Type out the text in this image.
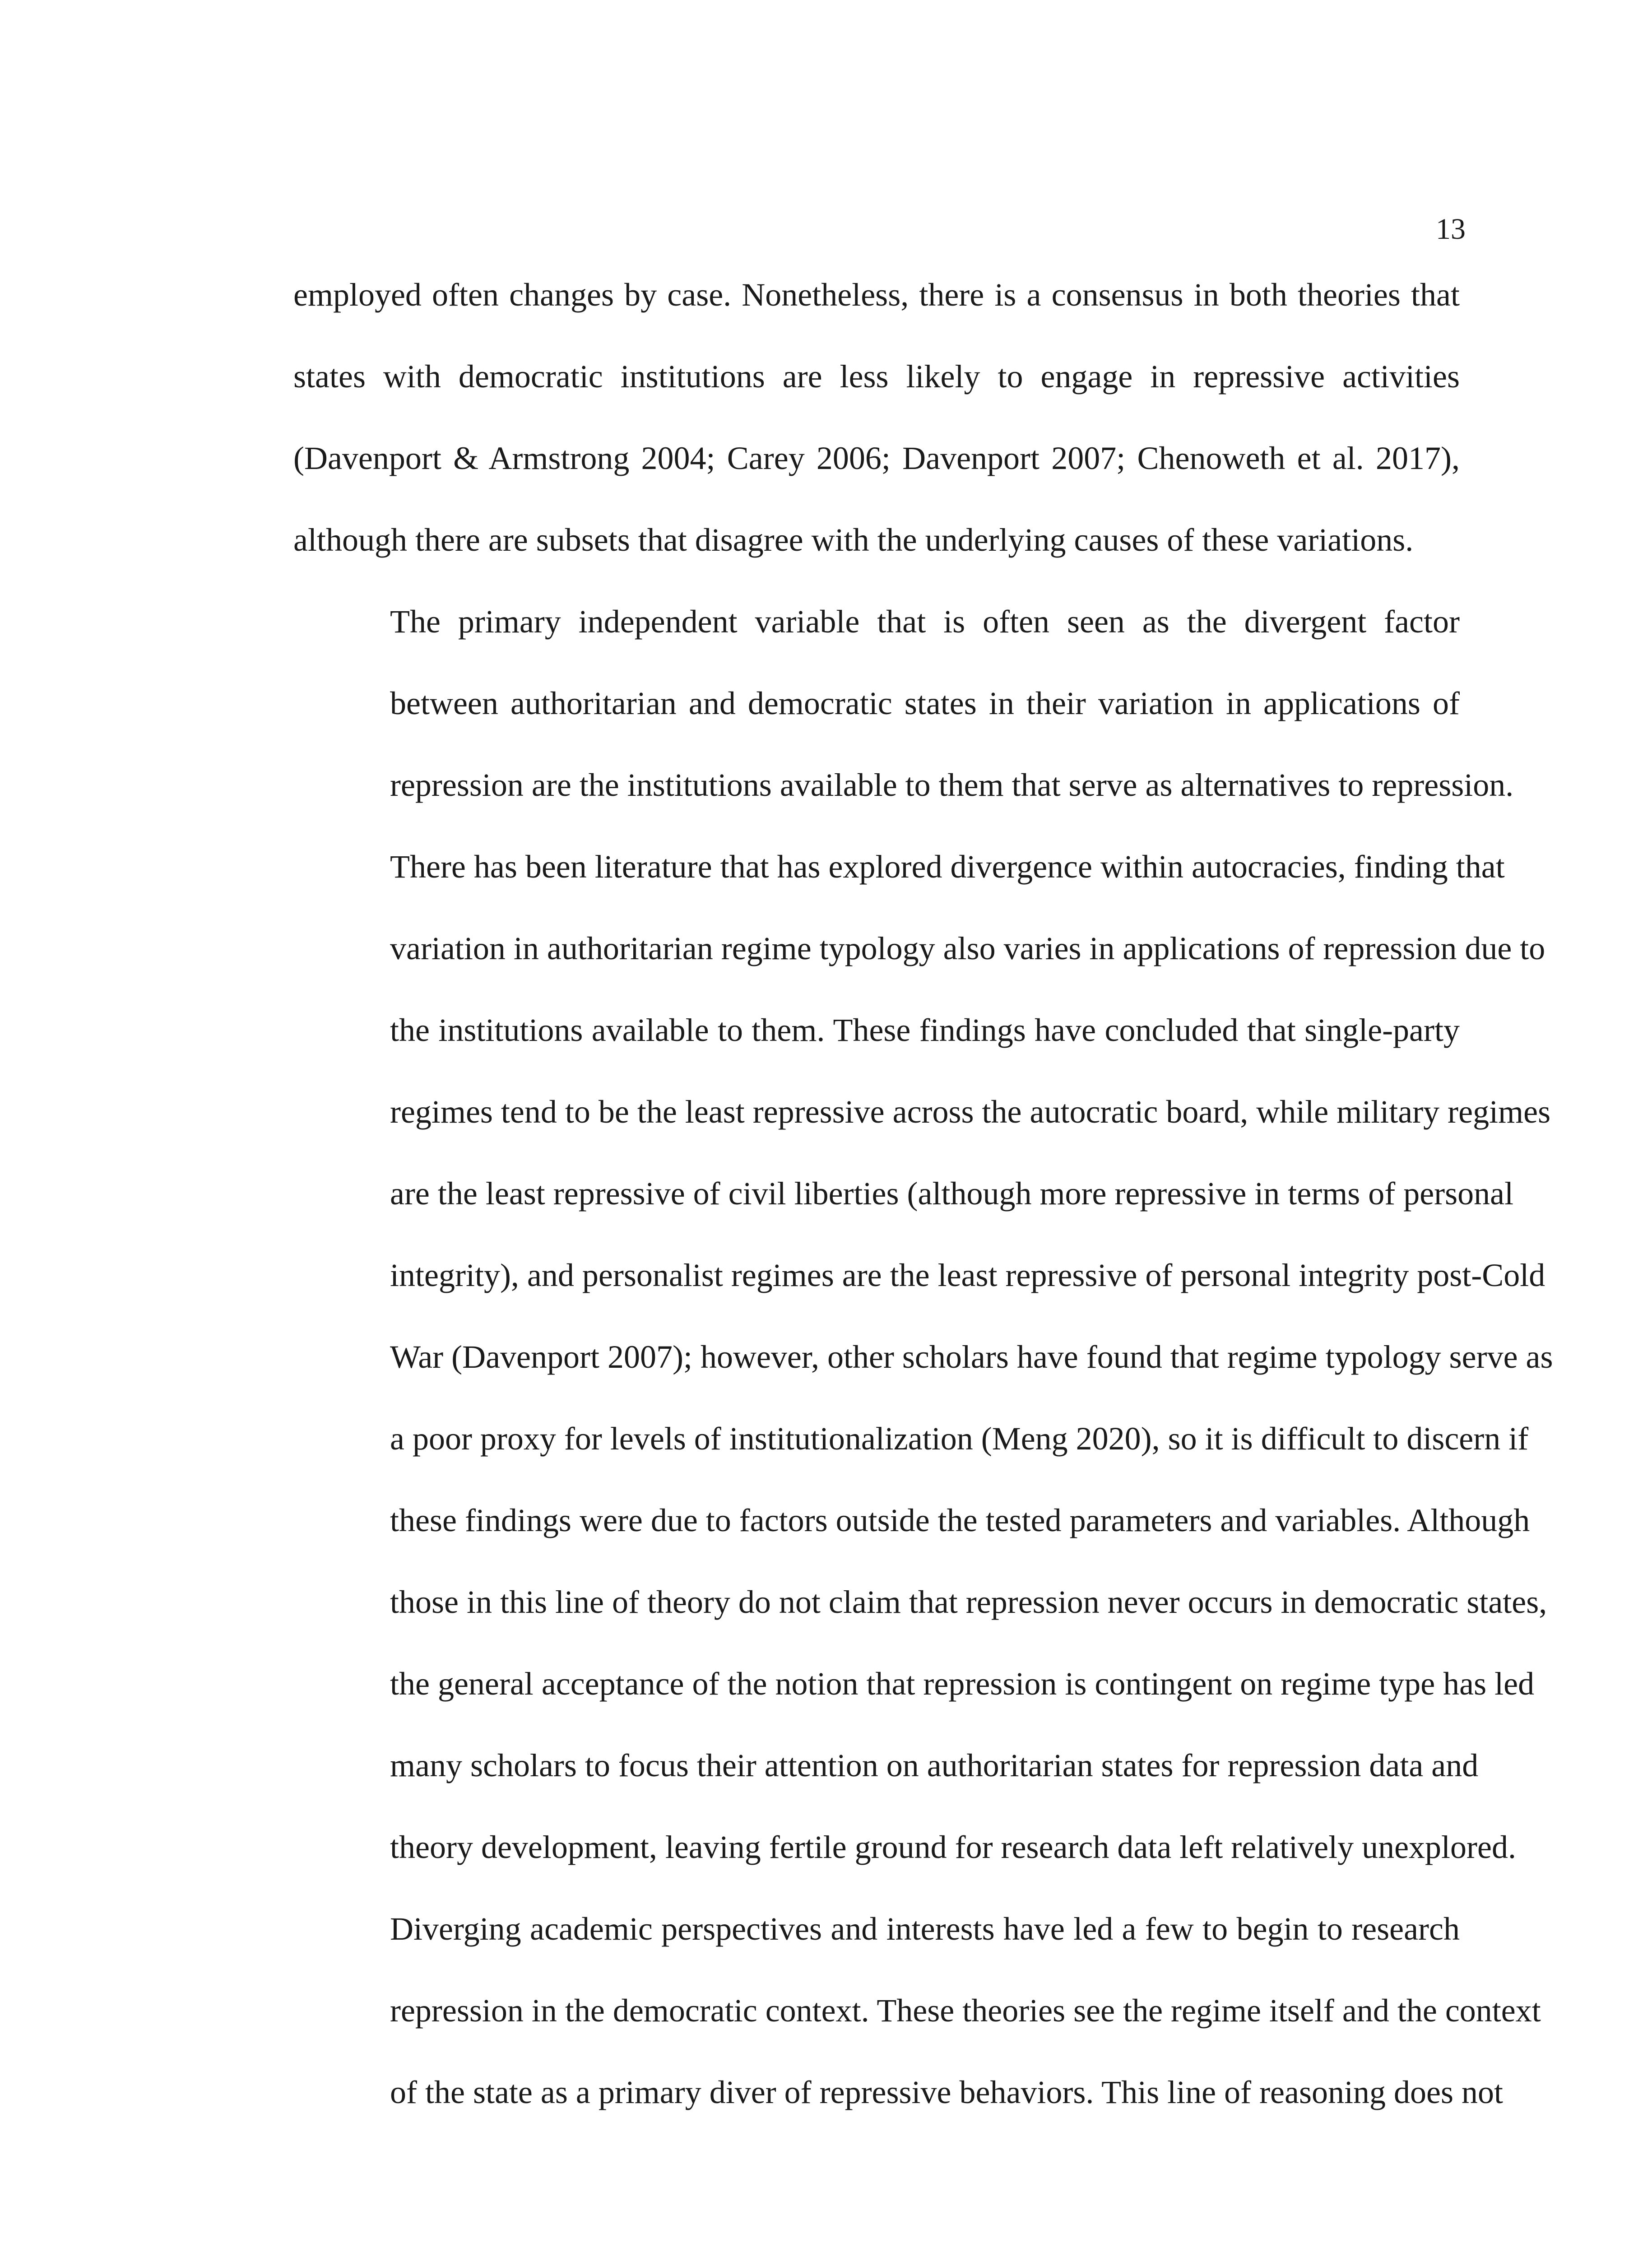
13

employed often changes by case. Nonetheless, there is a consensus in both theories that
states with democratic institutions are less likely to engage in repressive activities
(Davenport & Armstrong 2004; Carey 2006; Davenport 2007; Chenoweth et al. 2017),
although there are subsets that disagree with the underlying causes of these variations.

The primary independent variable that is often seen as the divergent factor
between authoritarian and democratic states in their variation in applications of
repression are the institutions available to them that serve as alternatives to repression.
There has been literature that has explored divergence within autocracies, finding that
variation in authoritarian regime typology also varies in applications of repression due to
the institutions available to them. These findings have concluded that single-party
regimes tend to be the least repressive across the autocratic board, while military regimes
are the least repressive of civil liberties (although more repressive in terms of personal
integrity), and personalist regimes are the least repressive of personal integrity post-Cold
War (Davenport 2007); however, other scholars have found that regime typology serve as
a poor proxy for levels of institutionalization (Meng 2020), so it is difficult to discern if
these findings were due to factors outside the tested parameters and variables. Although
those in this line of theory do not claim that repression never occurs in democratic states,
the general acceptance of the notion that repression is contingent on regime type has led
many scholars to focus their attention on authoritarian states for repression data and
theory development, leaving fertile ground for research data left relatively unexplored.

Diverging academic perspectives and interests have led a few to begin to research
repression in the democratic context. These theories see the regime itself and the context
of the state as a primary diver of repressive behaviors. This line of reasoning does not
